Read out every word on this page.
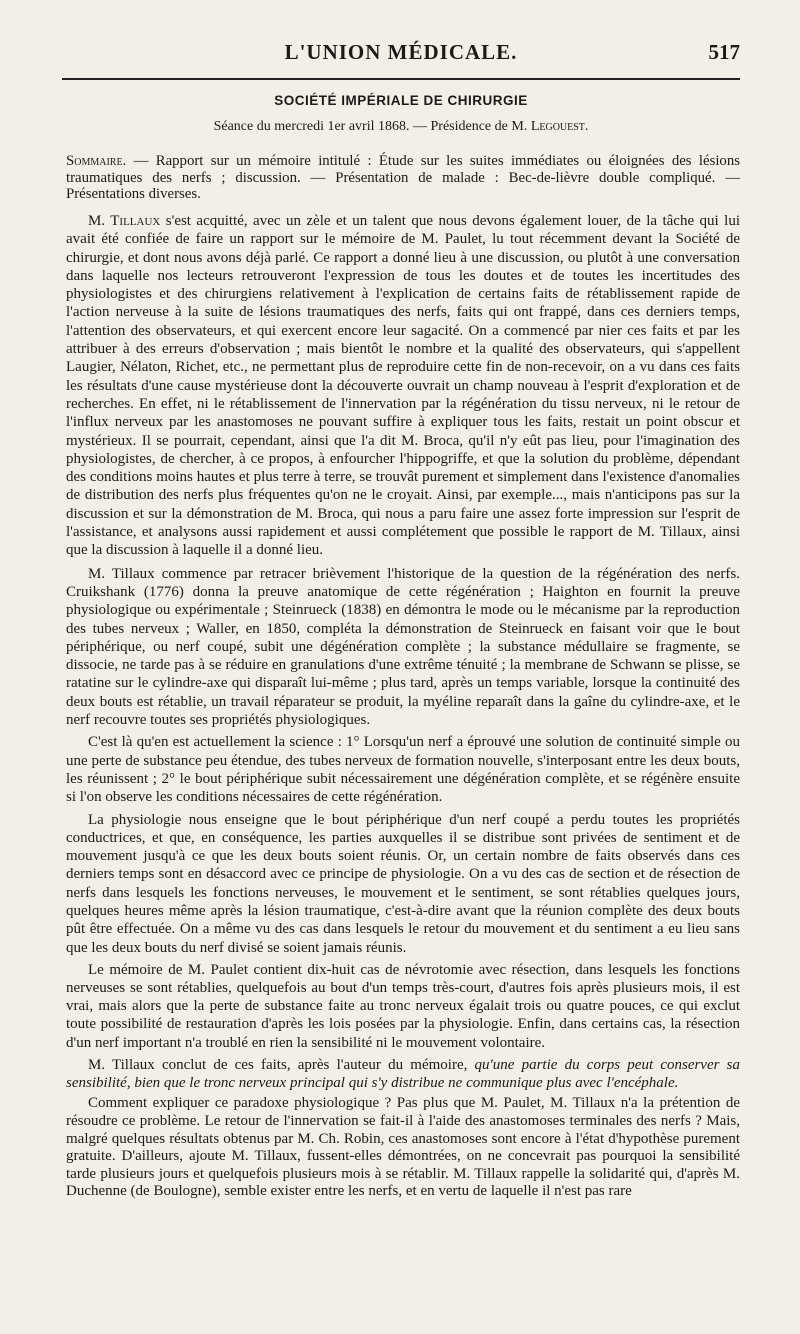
L'UNION MÉDICALE.	517
SOCIÉTÉ IMPÉRIALE DE CHIRURGIE
Séance du mercredi 1er avril 1868. — Présidence de M. Legouest.
Sommaire. — Rapport sur un mémoire intitulé : Étude sur les suites immédiates ou éloignées des lésions traumatiques des nerfs ; discussion. — Présentation de malade : Bec-de-lièvre double compliqué. — Présentations diverses.

M. Tillaux s'est acquitté, avec un zèle et un talent que nous devons également louer, de la tâche qui lui avait été confiée de faire un rapport sur le mémoire de M. Paulet, lu tout récemment devant la Société de chirurgie, et dont nous avons déjà parlé. Ce rapport a donné lieu à une discussion, ou plutôt à une conversation dans laquelle nos lecteurs retrouveront l'expression de tous les doutes et de toutes les incertitudes des physiologistes et des chirurgiens relativement à l'explication de certains faits de rétablissement rapide de l'action nerveuse à la suite de lésions traumatiques des nerfs, faits qui ont frappé, dans ces derniers temps, l'attention des observateurs, et qui exercent encore leur sagacité. On a commencé par nier ces faits et par les attribuer à des erreurs d'observation ; mais bientôt le nombre et la qualité des observateurs, qui s'appellent Laugier, Nélaton, Richet, etc., ne permettant plus de reproduire cette fin de non-recevoir, on a vu dans ces faits les résultats d'une cause mystérieuse dont la découverte ouvrait un champ nouveau à l'esprit d'exploration et de recherches. En effet, ni le rétablissement de l'innervation par la régénération du tissu nerveux, ni le retour de l'influx nerveux par les anastomoses ne pouvant suffire à expliquer tous les faits, restait un point obscur et mystérieux. Il se pourrait, cependant, ainsi que l'a dit M. Broca, qu'il n'y eût pas lieu, pour l'imagination des physiologistes, de chercher, à ce propos, à enfourcher l'hippogriffe, et que la solution du problème, dépendant des conditions moins hautes et plus terre à terre, se trouvât purement et simplement dans l'existence d'anomalies de distribution des nerfs plus fréquentes qu'on ne le croyait. Ainsi, par exemple..., mais n'anticipons pas sur la discussion et sur la démonstration de M. Broca, qui nous a paru faire une assez forte impression sur l'esprit de l'assistance, et analysons aussi rapidement et aussi complétement que possible le rapport de M. Tillaux, ainsi que la discussion à laquelle il a donné lieu.

M. Tillaux commence par retracer brièvement l'historique de la question de la régénération des nerfs. Cruikshank (1776) donna la preuve anatomique de cette régénération ; Haighton en fournit la preuve physiologique ou expérimentale ; Steinrueck (1838) en démontra le mode ou le mécanisme par la reproduction des tubes nerveux ; Waller, en 1850, compléta la démonstration de Steinrueck en faisant voir que le bout périphérique, ou nerf coupé, subit une dégénération complète ; la substance médullaire se fragmente, se dissocie, ne tarde pas à se réduire en granulations d'une extrême ténuité ; la membrane de Schwann se plisse, se ratatine sur le cylindre-axe qui disparaît lui-même ; plus tard, après un temps variable, lorsque la continuité des deux bouts est rétablie, un travail réparateur se produit, la myéline reparaît dans la gaîne du cylindre-axe, et le nerf recouvre toutes ses propriétés physiologiques.

C'est là qu'en est actuellement la science : 1° Lorsqu'un nerf a éprouvé une solution de continuité simple ou une perte de substance peu étendue, des tubes nerveux de formation nouvelle, s'interposant entre les deux bouts, les réunissent ; 2° le bout périphérique subit nécessairement une dégénération complète, et se régénère ensuite si l'on observe les conditions nécessaires de cette régénération.

La physiologie nous enseigne que le bout périphérique d'un nerf coupé a perdu toutes les propriétés conductrices, et que, en conséquence, les parties auxquelles il se distribue sont privées de sentiment et de mouvement jusqu'à ce que les deux bouts soient réunis. Or, un certain nombre de faits observés dans ces derniers temps sont en désaccord avec ce principe de physiologie. On a vu des cas de section et de résection de nerfs dans lesquels les fonctions nerveuses, le mouvement et le sentiment, se sont rétablies quelques jours, quelques heures même après la lésion traumatique, c'est-à-dire avant que la réunion complète des deux bouts pût être effectuée. On a même vu des cas dans lesquels le retour du mouvement et du sentiment a eu lieu sans que les deux bouts du nerf divisé se soient jamais réunis.

Le mémoire de M. Paulet contient dix-huit cas de névrotomie avec résection, dans lesquels les fonctions nerveuses se sont rétablies, quelquefois au bout d'un temps très-court, d'autres fois après plusieurs mois, il est vrai, mais alors que la perte de substance faite au tronc nerveux égalait trois ou quatre pouces, ce qui exclut toute possibilité de restauration d'après les lois posées par la physiologie. Enfin, dans certains cas, la résection d'un nerf important n'a troublé en rien la sensibilité ni le mouvement volontaire.

M. Tillaux conclut de ces faits, après l'auteur du mémoire, qu'une partie du corps peut conserver sa sensibilité, bien que le tronc nerveux principal qui s'y distribue ne communique plus avec l'encéphale.

Comment expliquer ce paradoxe physiologique ? Pas plus que M. Paulet, M. Tillaux n'a la prétention de résoudre ce problème. Le retour de l'innervation se fait-il à l'aide des anastomoses terminales des nerfs ? Mais, malgré quelques résultats obtenus par M. Ch. Robin, ces anastomoses sont encore à l'état d'hypothèse purement gratuite. D'ailleurs, ajoute M. Tillaux, fussent-elles démontrées, on ne concevrait pas pourquoi la sensibilité tarde plusieurs jours et quelquefois plusieurs mois à se rétablir. M. Tillaux rappelle la solidarité qui, d'après M. Duchenne (de Boulogne), semble exister entre les nerfs, et en vertu de laquelle il n'est pas rare
